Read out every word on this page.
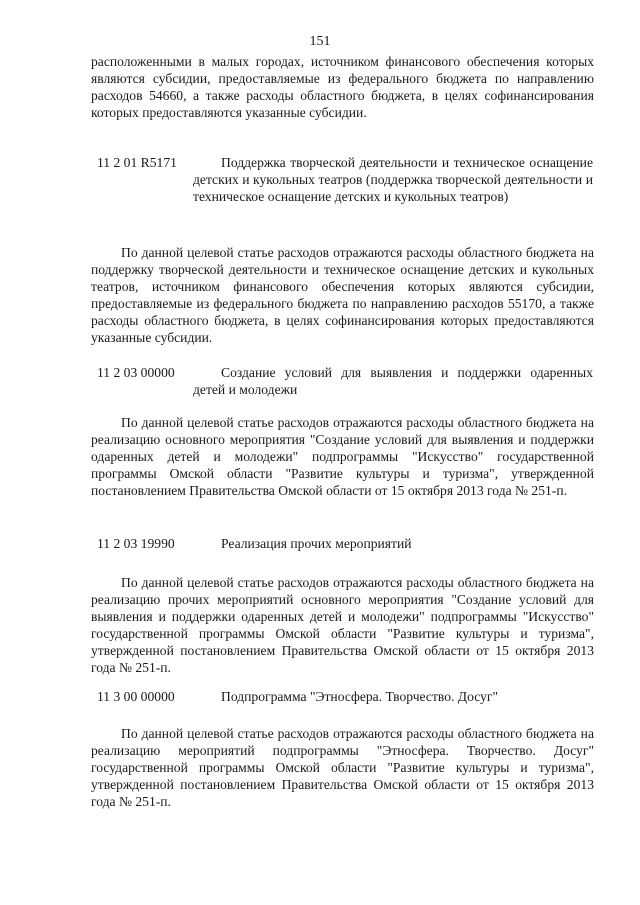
151

расположенными в малых городах, источником финансового обеспечения которых являются субсидии, предоставляемые из федерального бюджета по направлению расходов 54660, а также расходы областного бюджета, в целях софинансирования которых предоставляются указанные субсидии.

11 2 01 R5171	Поддержка творческой деятельности и техническое оснащение детских и кукольных театров (поддержка творческой деятельности и техническое оснащение детских и кукольных театров)

По данной целевой статье расходов отражаются расходы областного бюджета на поддержку творческой деятельности и техническое оснащение детских и кукольных театров, источником финансового обеспечения которых являются субсидии, предоставляемые из федерального бюджета по направлению расходов 55170, а также расходы областного бюджета, в целях софинансирования которых предоставляются указанные субсидии.

11 2 03 00000	Создание условий для выявления и поддержки одаренных детей и молодежи

По данной целевой статье расходов отражаются расходы областного бюджета на реализацию основного мероприятия "Создание условий для выявления и поддержки одаренных детей и молодежи" подпрограммы "Искусство" государственной программы Омской области "Развитие культуры и туризма", утвержденной постановлением Правительства Омской области от 15 октября 2013 года № 251-п.

11 2 03 19990	Реализация прочих мероприятий

По данной целевой статье расходов отражаются расходы областного бюджета на реализацию прочих мероприятий основного мероприятия "Создание условий для выявления и поддержки одаренных детей и молодежи" подпрограммы "Искусство" государственной программы Омской области "Развитие культуры и туризма", утвержденной постановлением Правительства Омской области от 15 октября 2013 года № 251-п.

11 3 00 00000	Подпрограмма "Этносфера. Творчество. Досуг"

По данной целевой статье расходов отражаются расходы областного бюджета на реализацию мероприятий подпрограммы "Этносфера. Творчество. Досуг" государственной программы Омской области "Развитие культуры и туризма", утвержденной постановлением Правительства Омской области от 15 октября 2013 года № 251-п.
